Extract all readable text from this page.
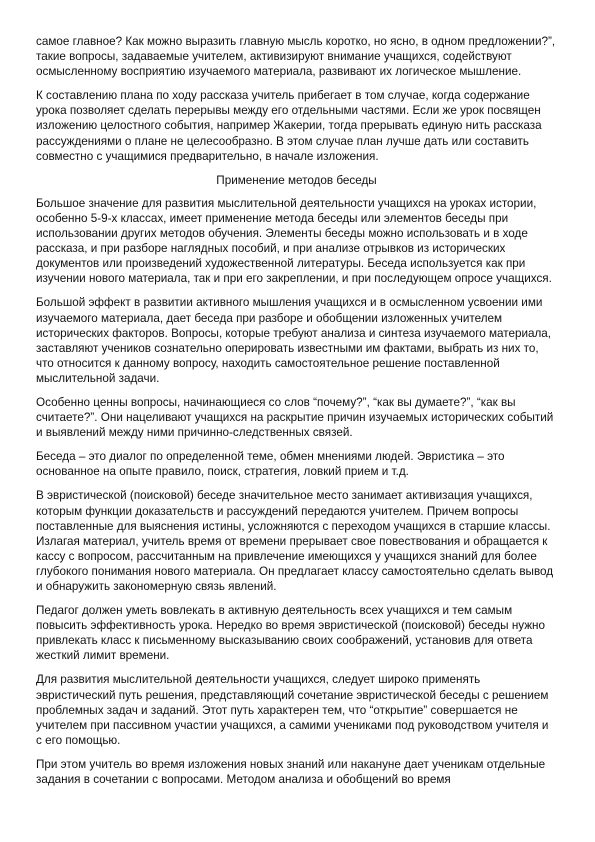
самое главное? Как можно выразить главную мысль коротко, но ясно, в одном предложении?”, такие вопросы, задаваемые учителем, активизируют внимание учащихся, содействуют осмысленному восприятию изучаемого материала, развивают их логическое мышление.

К составлению плана по ходу рассказа учитель прибегает в том случае, когда содержание урока позволяет сделать перерывы между его отдельными частями. Если же урок посвящен изложению целостного события, например Жакерии, тогда прерывать единую нить рассказа рассуждениями о плане не целесообразно. В этом случае план лучше дать или составить совместно с учащимися предварительно, в начале изложения.

Применение методов беседы

Большое значение для развития мыслительной деятельности учащихся на уроках истории, особенно 5-9-х классах, имеет применение метода беседы или элементов беседы при использовании других методов обучения. Элементы беседы можно использовать и в ходе рассказа, и при разборе наглядных пособий, и при анализе отрывков из исторических документов или произведений художественной литературы. Беседа используется как при изучении нового материала, так и при его закреплении, и при последующем опросе учащихся.

Большой эффект в развитии активного мышления учащихся и в осмысленном усвоении ими изучаемого материала, дает беседа при разборе и обобщении изложенных учителем исторических факторов. Вопросы, которые требуют анализа и синтеза изучаемого материала, заставляют учеников сознательно оперировать известными им фактами, выбрать из них то, что относится к данному вопросу, находить самостоятельное решение поставленной мыслительной задачи.

Особенно ценны вопросы, начинающиеся со слов “почему?”, “как вы думаете?”, “как вы считаете?”. Они нацеливают учащихся на раскрытие причин изучаемых исторических событий и выявлений между ними причинно-следственных связей.

Беседа – это диалог по определенной теме, обмен мнениями людей. Эвристика – это основанное на опыте правило, поиск, стратегия, ловкий прием и т.д.

В эвристической (поисковой) беседе значительное место занимает активизация учащихся, которым функции доказательств и рассуждений передаются учителем. Причем вопросы поставленные для выяснения истины, усложняются с переходом учащихся в старшие классы. Излагая материал, учитель время от времени прерывает свое повествования и обращается к кассу с вопросом, рассчитанным на привлечение имеющихся у учащихся знаний для более глубокого понимания нового материала. Он предлагает классу самостоятельно сделать вывод и обнаружить закономерную связь явлений.

Педагог должен уметь вовлекать в активную деятельность всех учащихся и тем самым повысить эффективность урока. Нередко во время эвристической (поисковой) беседы нужно привлекать класс к письменному высказыванию своих соображений, установив для ответа жесткий лимит времени.

Для развития мыслительной деятельности учащихся, следует широко применять эвристический путь решения, представляющий сочетание эвристической беседы с решением проблемных задач и заданий. Этот путь характерен тем, что “открытие” совершается не учителем при пассивном участии учащихся, а самими учениками под руководством учителя и с его помощью.

При этом учитель во время изложения новых знаний или накануне дает ученикам отдельные задания в сочетании с вопросами. Методом анализа и обобщений во время
